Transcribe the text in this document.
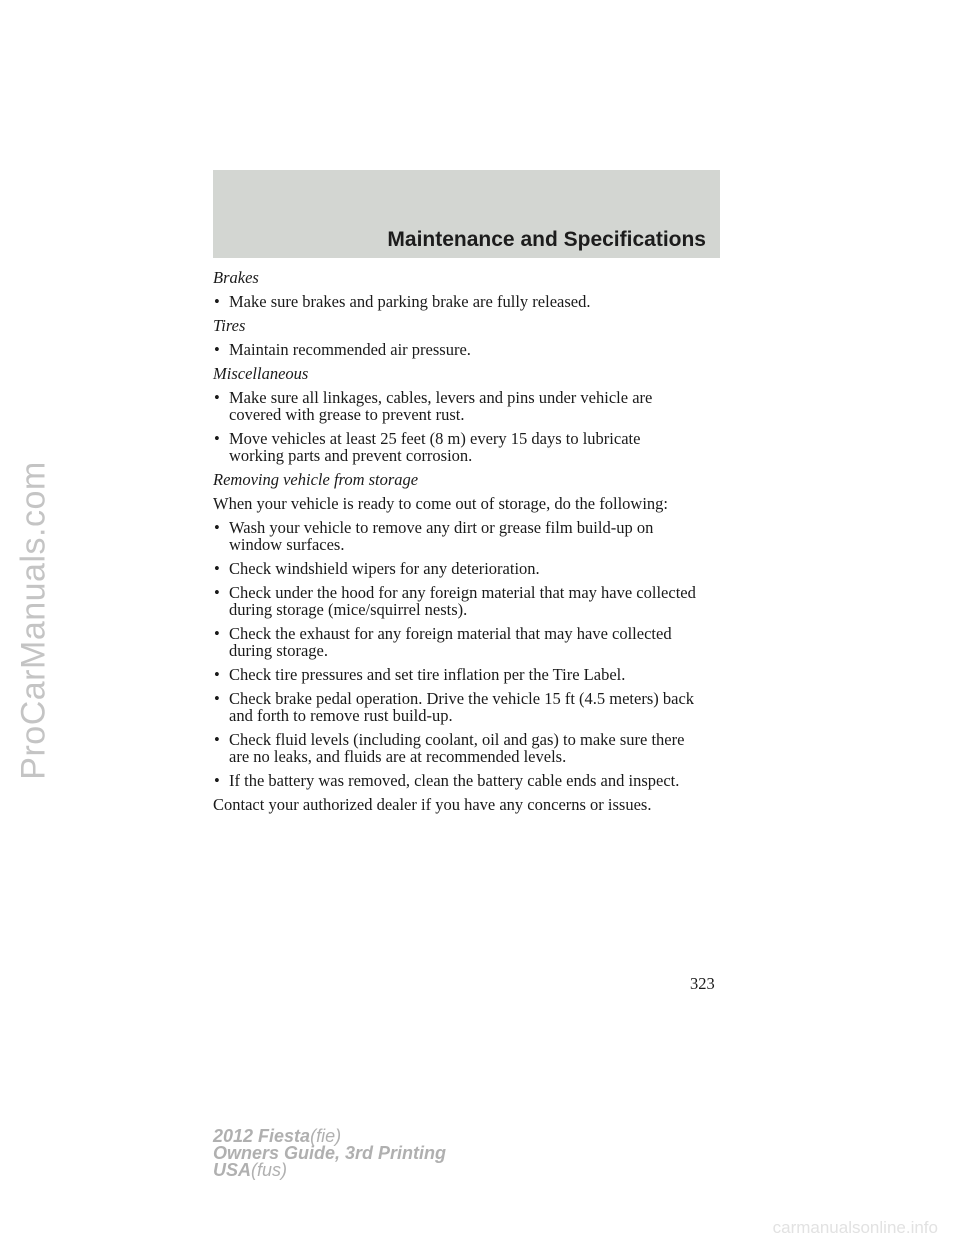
ProCarManuals.com
Maintenance and Specifications
Brakes
• Make sure brakes and parking brake are fully released.
Tires
• Maintain recommended air pressure.
Miscellaneous
• Make sure all linkages, cables, levers and pins under vehicle are
covered with grease to prevent rust.
• Move vehicles at least 25 feet (8 m) every 15 days to lubricate
working parts and prevent corrosion.
Removing vehicle from storage
When your vehicle is ready to come out of storage, do the following:
• Wash your vehicle to remove any dirt or grease film build-up on
window surfaces.
• Check windshield wipers for any deterioration.
• Check under the hood for any foreign material that may have collected
during storage (mice/squirrel nests).
• Check the exhaust for any foreign material that may have collected
during storage.
• Check tire pressures and set tire inflation per the Tire Label.
• Check brake pedal operation. Drive the vehicle 15 ft (4.5 meters) back
and forth to remove rust build-up.
• Check fluid levels (including coolant, oil and gas) to make sure there
are no leaks, and fluids are at recommended levels.
• If the battery was removed, clean the battery cable ends and inspect.
Contact your authorized dealer if you have any concerns or issues.
323
2012 Fiesta(fie)
Owners Guide, 3rd Printing
USA(fus)
carmanualsonline.info
